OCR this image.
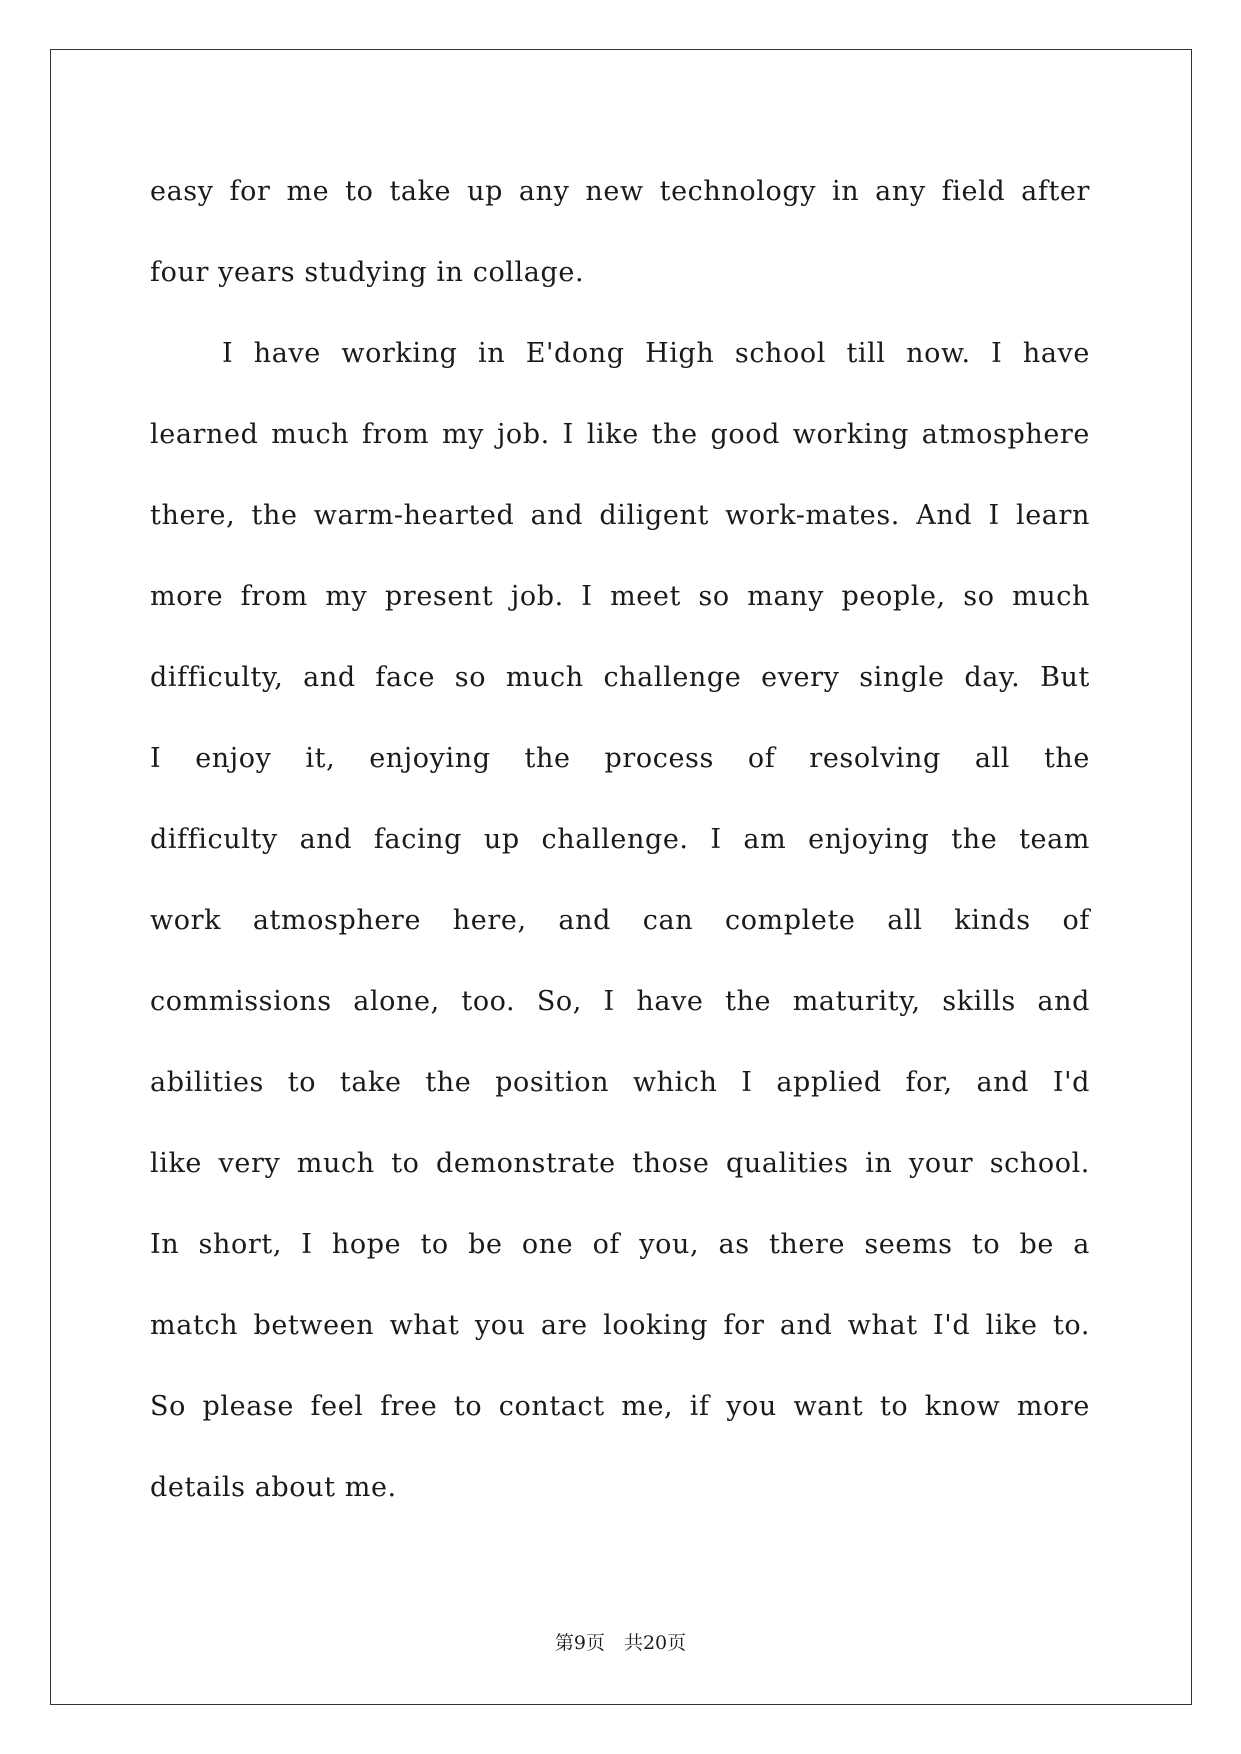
easy for me to take up any new technology in any field after
four years studying in collage.
I have working in E'dong High school till now. I have
learned much from my job. I like the good working atmosphere
there, the warm-hearted and diligent work-mates. And I learn
more from my present job. I meet so many people, so much
difficulty, and face so much challenge every single day. But
I enjoy it, enjoying the process of resolving all the
difficulty and facing up challenge. I am enjoying the team
work atmosphere here, and can complete all kinds of
commissions alone, too. So, I have the maturity, skills and
abilities to take the position which I applied for, and I'd
like very much to demonstrate those qualities in your school.
In short, I hope to be one of you, as there seems to be a
match between what you are looking for and what I'd like to.
So please feel free to contact me, if you want to know more
details about me.
第9页　共20页
